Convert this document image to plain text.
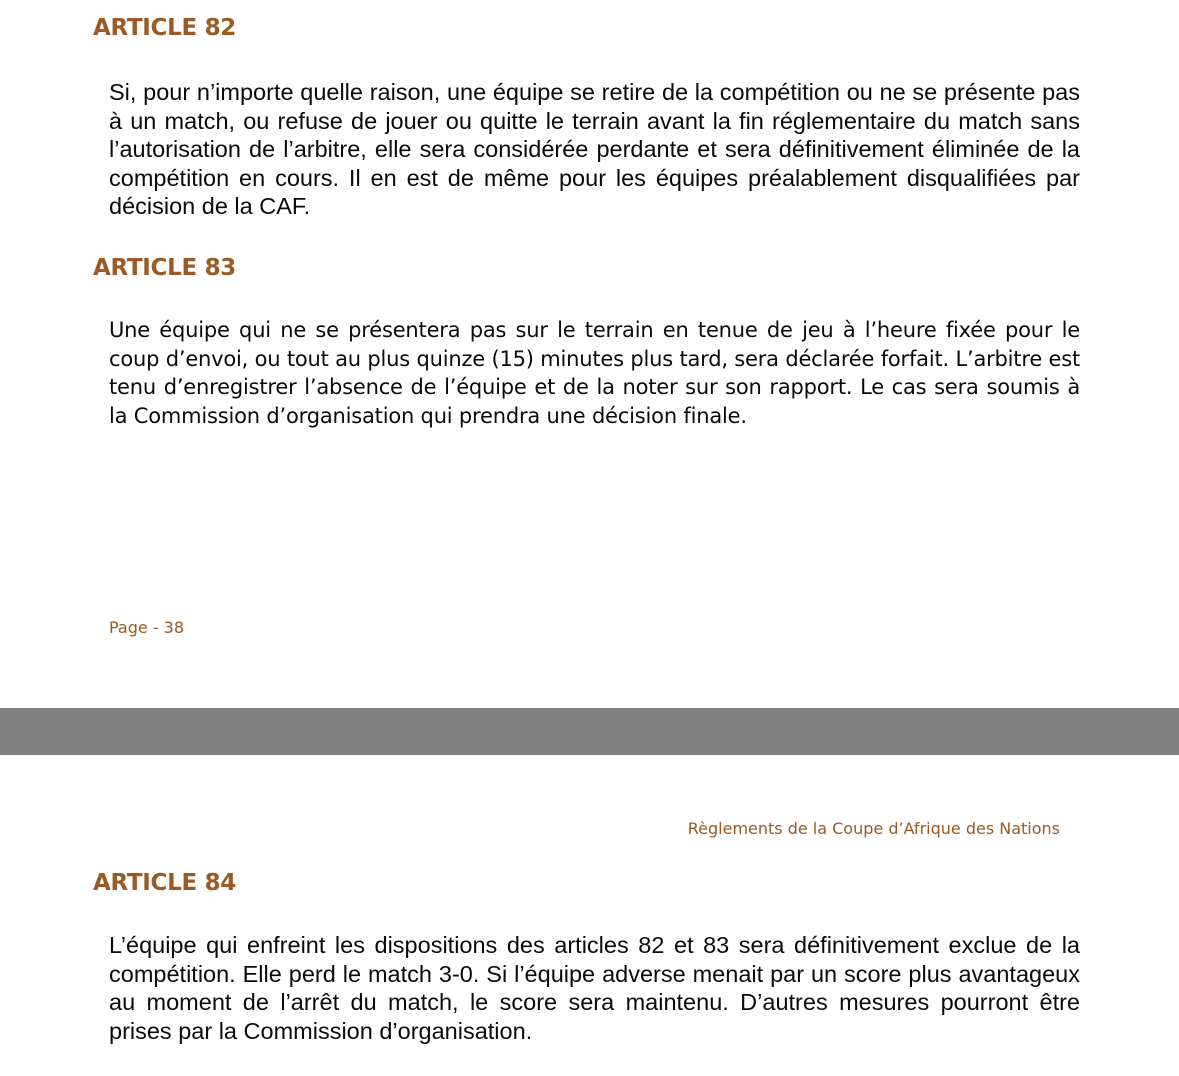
ARTICLE 82

Si, pour n’importe quelle raison, une équipe se retire de la compétition ou ne se présente pas à un match, ou refuse de jouer ou quitte le terrain avant la fin réglementaire du match sans l’autorisation de l’arbitre, elle sera considérée perdante et sera définitivement éliminée de la compétition en cours. Il en est de même pour les équipes préalablement disqualifiées par décision de la CAF.

ARTICLE 83

Une équipe qui ne se présentera pas sur le terrain en tenue de jeu à l’heure fixée pour le coup d’envoi, ou tout au plus quinze (15) minutes plus tard, sera déclarée forfait. L’arbitre est tenu d’enregistrer l’absence de l’équipe et de la noter sur son rapport. Le cas sera soumis à la Commission d’organisation qui prendra une décision finale.

Page - 38

Règlements de la Coupe d’Afrique des Nations

ARTICLE 84

L’équipe qui enfreint les dispositions des articles 82 et 83 sera définitivement exclue de la compétition. Elle perd le match 3-0. Si l’équipe adverse menait par un score plus avantageux au moment de l’arrêt du match, le score sera maintenu. D’autres mesures pourront être prises par la Commission d’organisation.
